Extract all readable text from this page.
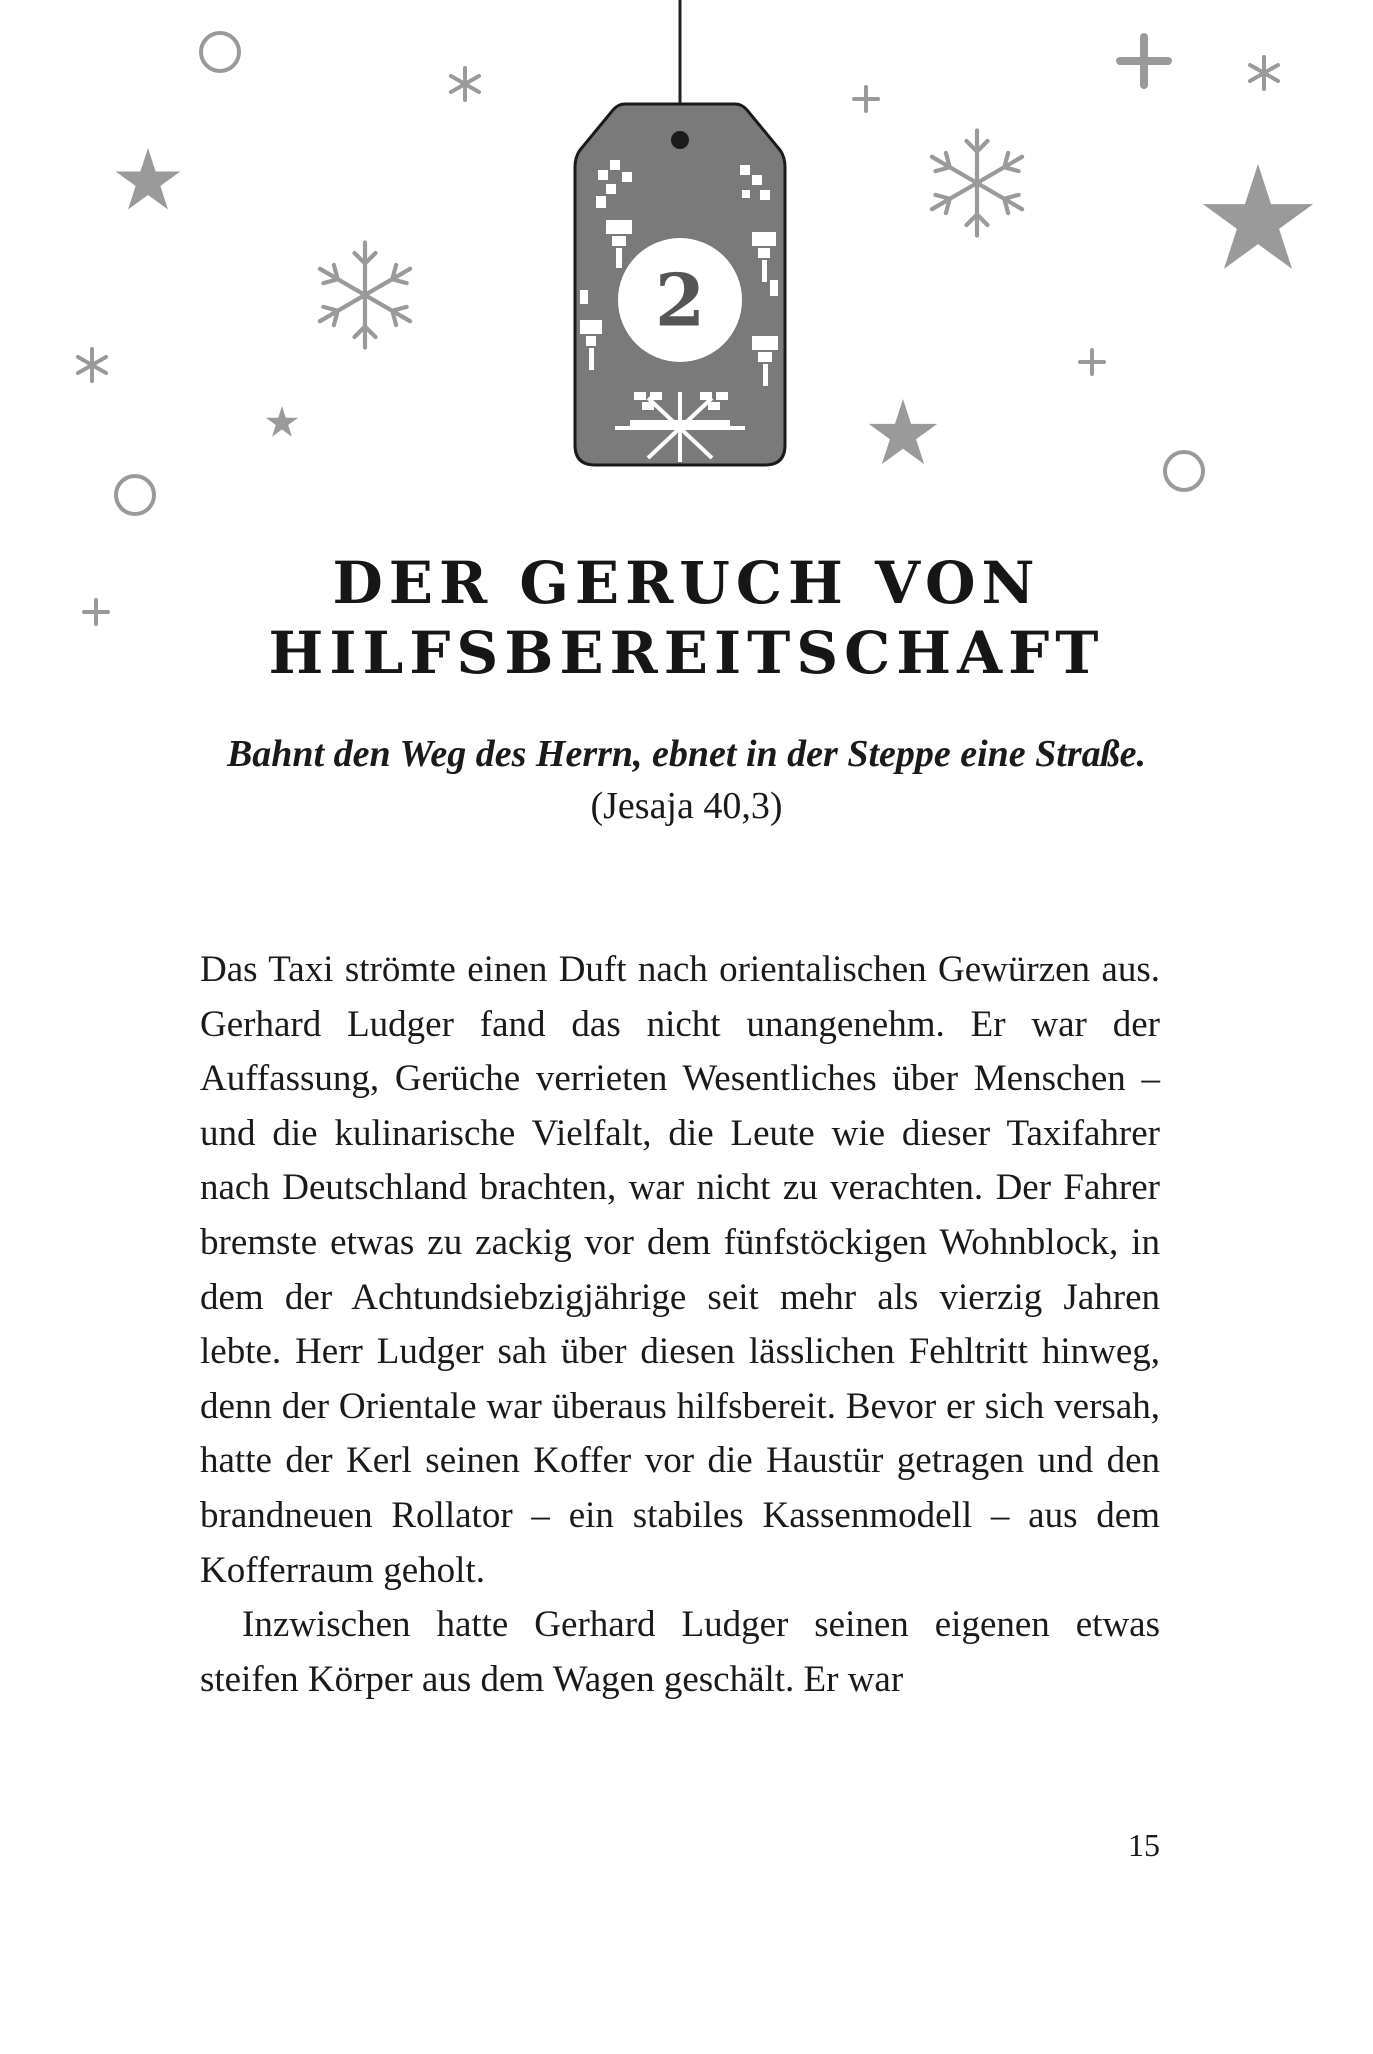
2
DER GERUCH VON
HILFSBEREITSCHAFT
Bahnt den Weg des Herrn, ebnet in der Steppe eine Straße.
(Jesaja 40,3)

Das Taxi strömte einen Duft nach orientalischen Gewürzen aus. Gerhard Ludger fand das nicht unangenehm. Er war der Auffassung, Gerüche verrieten Wesentliches über Menschen – und die kulinarische Vielfalt, die Leute wie dieser Taxifahrer nach Deutschland brachten, war nicht zu verachten. Der Fahrer bremste etwas zu zackig vor dem fünfstöckigen Wohnblock, in dem der Achtundsiebzigjährige seit mehr als vierzig Jahren lebte. Herr Ludger sah über diesen lässlichen Fehltritt hinweg, denn der Orientale war überaus hilfsbereit. Bevor er sich versah, hatte der Kerl seinen Koffer vor die Haustür getragen und den brandneuen Rollator – ein stabiles Kassenmodell – aus dem Kofferraum geholt.

Inzwischen hatte Gerhard Ludger seinen eigenen etwas steifen Körper aus dem Wagen geschält. Er war

15
